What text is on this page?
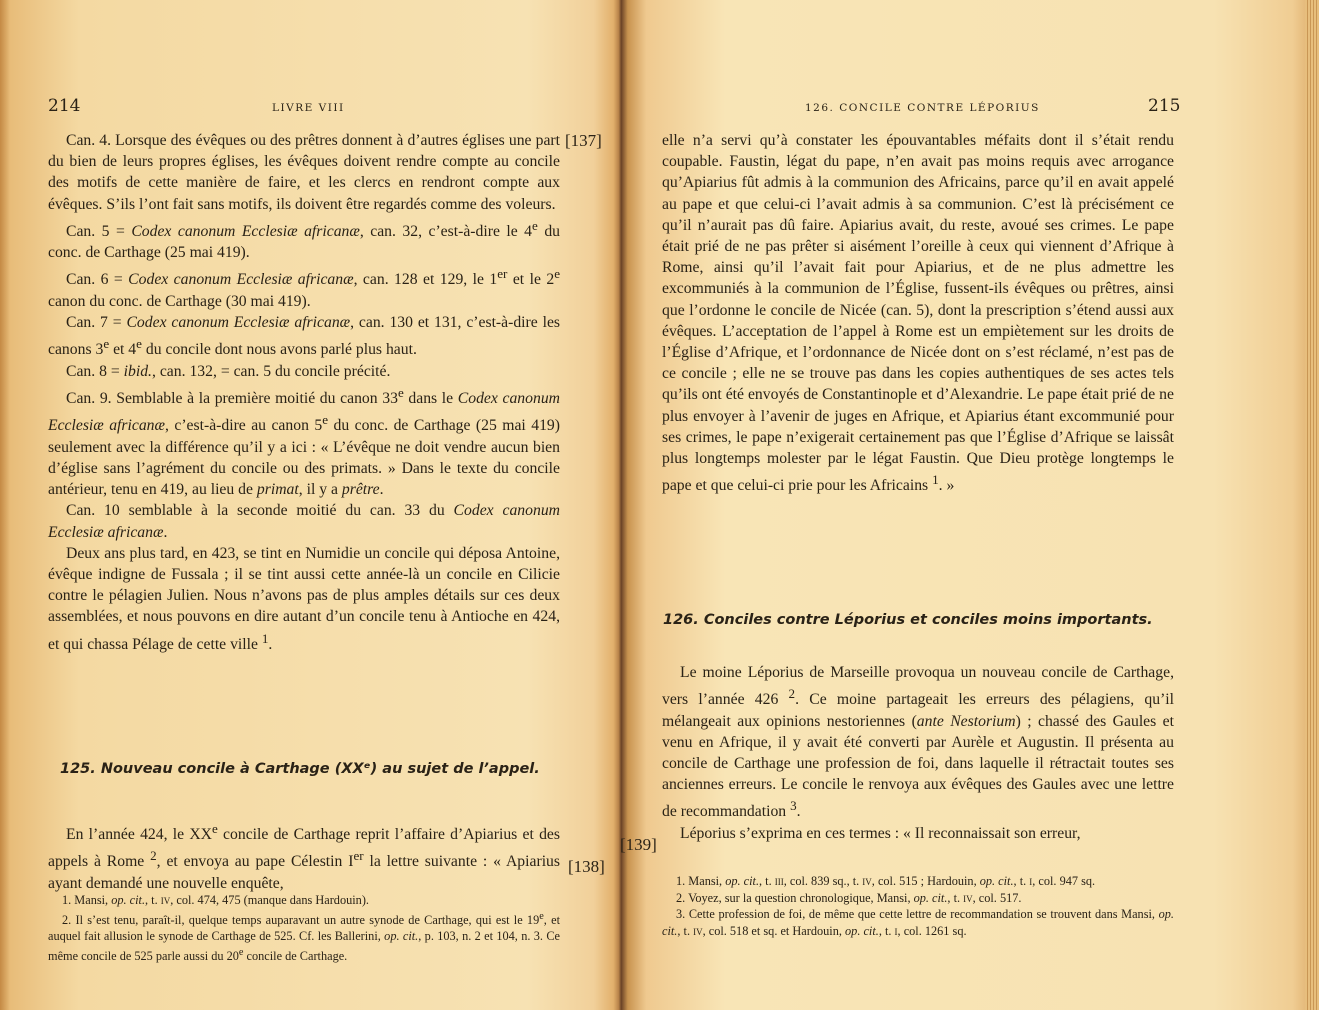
214	LIVRE VIII

Can. 4. Lorsque des évêques ou des prêtres donnent à d’autres églises une part du bien de leurs propres églises, les évêques doivent rendre compte au concile des motifs de cette manière de faire, et les clercs en rendront compte aux évêques. S’ils l’ont fait sans motifs, ils doivent être regardés comme des voleurs.

Can. 5 = Codex canonum Ecclesiæ africanæ, can. 32, c’est-à-dire le 4e du conc. de Carthage (25 mai 419).

Can. 6 = Codex canonum Ecclesiæ africanæ, can. 128 et 129, le 1er et le 2e canon du conc. de Carthage (30 mai 419).

Can. 7 = Codex canonum Ecclesiæ africanæ, can. 130 et 131, c’est-à-dire les canons 3e et 4e du concile dont nous avons parlé plus haut.

Can. 8 = ibid., can. 132, = can. 5 du concile précité.

Can. 9. Semblable à la première moitié du canon 33e dans le Codex canonum Ecclesiæ africanæ, c’est-à-dire au canon 5e du conc. de Carthage (25 mai 419) seulement avec la différence qu’il y a ici : « L’évêque ne doit vendre aucun bien d’église sans l’agrément du concile ou des primats. » Dans le texte du concile antérieur, tenu en 419, au lieu de primat, il y a prêtre.

Can. 10 semblable à la seconde moitié du can. 33 du Codex canonum Ecclesiæ africanæ.

Deux ans plus tard, en 423, se tint en Numidie un concile qui déposa Antoine, évêque indigne de Fussala ; il se tint aussi cette année-là un concile en Cilicie contre le pélagien Julien. Nous n’avons pas de plus amples détails sur ces deux assemblées, et nous pouvons en dire autant d’un concile tenu à Antioche en 424, et qui chassa Pélage de cette ville $^1$.

125. Nouveau concile à Carthage (XXᵉ) au sujet de l’appel.

En l’année 424, le XXe concile de Carthage reprit l’affaire d’Apiarius et des appels à Rome $^2$, et envoya au pape Célestin Ier la lettre suivante : « Apiarius ayant demandé une nouvelle enquête,

1. Mansi, op. cit., t. iv, col. 474, 475 (manque dans Hardouin).

2. Il s’est tenu, paraît-il, quelque temps auparavant un autre synode de Carthage, qui est le 19e, et auquel fait allusion le synode de Carthage de 525. Cf. les Ballerini, op. cit., p. 103, n. 2 et 104, n. 3. Ce même concile de 525 parle aussi du 20e concile de Carthage.

[137]
[138]
126. CONCILE CONTRE LÉPORIUS	215

elle n’a servi qu’à constater les épouvantables méfaits dont il s’était rendu coupable. Faustin, légat du pape, n’en avait pas moins requis avec arrogance qu’Apiarius fût admis à la communion des Africains, parce qu’il en avait appelé au pape et que celui-ci l’avait admis à sa communion. C’est là précisément ce qu’il n’aurait pas dû faire. Apiarius avait, du reste, avoué ses crimes. Le pape était prié de ne pas prêter si aisément l’oreille à ceux qui viennent d’Afrique à Rome, ainsi qu’il l’avait fait pour Apiarius, et de ne plus admettre les excommuniés à la communion de l’Église, fussent-ils évêques ou prêtres, ainsi que l’ordonne le concile de Nicée (can. 5), dont la prescription s’étend aussi aux évêques. L’acceptation de l’appel à Rome est un empiètement sur les droits de l’Église d’Afrique, et l’ordonnance de Nicée dont on s’est réclamé, n’est pas de ce concile ; elle ne se trouve pas dans les copies authentiques de ses actes tels qu’ils ont été envoyés de Constantinople et d’Alexandrie. Le pape était prié de ne plus envoyer à l’avenir de juges en Afrique, et Apiarius étant excommunié pour ses crimes, le pape n’exigerait certainement pas que l’Église d’Afrique se laissât plus longtemps molester par le légat Faustin. Que Dieu protège longtemps le pape et que celui-ci prie pour les Africains $^1$. »

126. Conciles contre Léporius et conciles moins importants.

Le moine Léporius de Marseille provoqua un nouveau concile de Carthage, vers l’année 426 $^2$. Ce moine partageait les erreurs des pélagiens, qu’il mélangeait aux opinions nestoriennes (ante Nestorium) ; chassé des Gaules et venu en Afrique, il y avait été converti par Aurèle et Augustin. Il présenta au concile de Carthage une profession de foi, dans laquelle il rétractait toutes ses anciennes erreurs. Le concile le renvoya aux évêques des Gaules avec une lettre de recommandation $^3$.

Léporius s’exprima en ces termes : « Il reconnaissait son erreur,

1. Mansi, op. cit., t. iii, col. 839 sq., t. iv, col. 515 ; Hardouin, op. cit., t. i, col. 947 sq.

2. Voyez, sur la question chronologique, Mansi, op. cit., t. iv, col. 517.

3. Cette profession de foi, de même que cette lettre de recommandation se trouvent dans Mansi, op. cit., t. iv, col. 518 et sq. et Hardouin, op. cit., t. i, col. 1261 sq.

[139]
